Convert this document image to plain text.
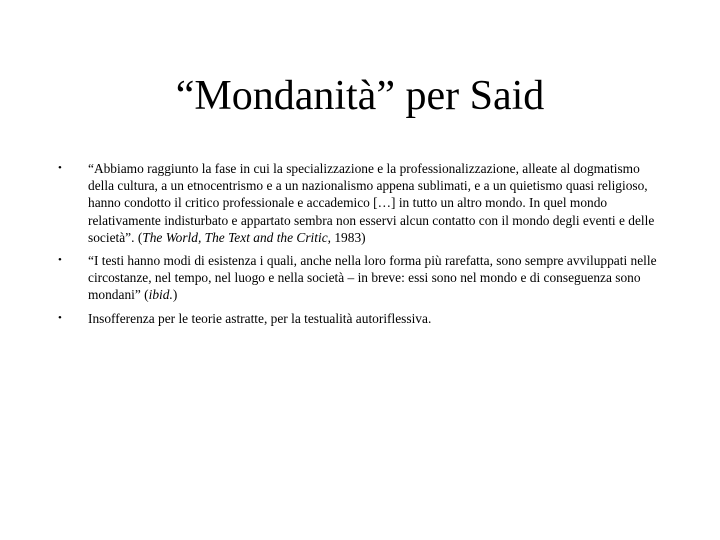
“Mondanità” per Said
• “Abbiamo raggiunto la fase in cui la specializzazione e la professionalizzazione, alleate al dogmatismo della cultura, a un etnocentrismo e a un nazionalismo appena sublimati, e a un quietismo quasi religioso, hanno condotto il critico professionale e accademico […] in tutto un altro mondo. In quel mondo relativamente indisturbato e appartato sembra non esservi alcun contatto con il mondo degli eventi e delle società”. (The World, The Text and the Critic, 1983)
• “I testi hanno modi di esistenza i quali, anche nella loro forma più rarefatta, sono sempre avviluppati nelle circostanze, nel tempo, nel luogo e nella società – in breve: essi sono nel mondo e di conseguenza sono mondani” (ibid.)
• Insofferenza per le teorie astratte, per la testualità autoriflessiva.
